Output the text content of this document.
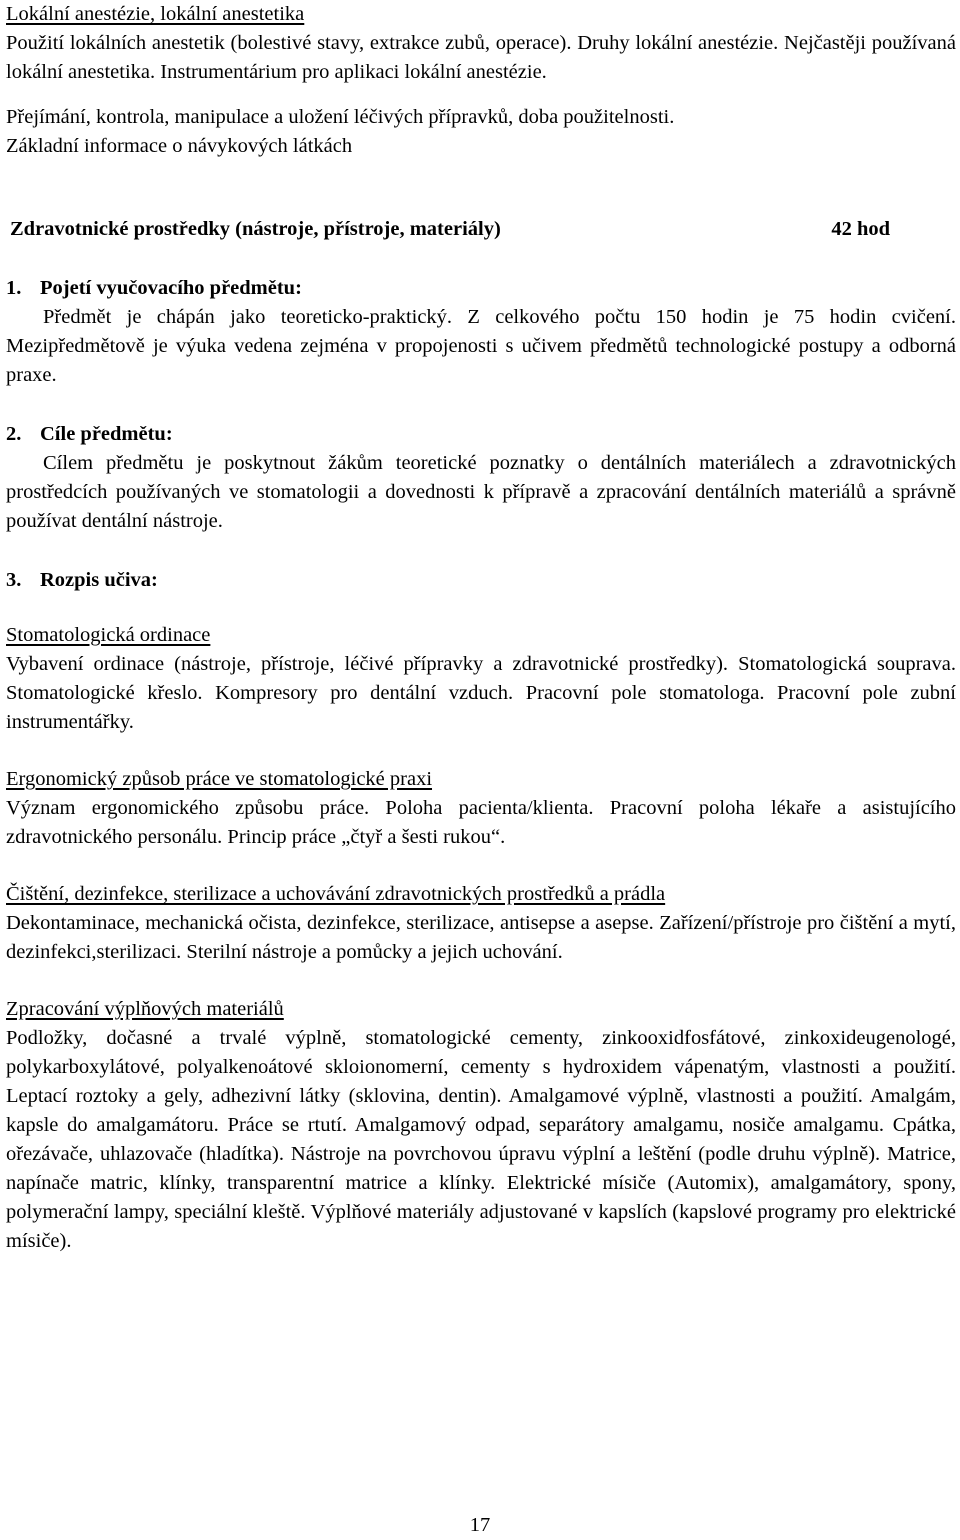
Lokální anestézie, lokální anestetika

Použití lokálních anestetik (bolestivé stavy, extrakce zubů, operace). Druhy lokální anestézie. Nejčastěji používaná lokální anestetika. Instrumentárium pro aplikaci lokální anestézie.

Přejímání, kontrola, manipulace a uložení léčivých přípravků, doba použitelnosti.

Základní informace o návykových látkách

Zdravotnické prostředky (nástroje, přístroje, materiály)	42 hod
1. Pojetí vyučovacího předmětu:

Předmět je chápán jako teoreticko-praktický. Z celkového počtu 150 hodin je 75 hodin cvičení. Mezipředmětově je výuka vedena zejména v propojenosti s učivem předmětů technologické postupy a odborná praxe.

2. Cíle předmětu:

Cílem předmětu je poskytnout žákům teoretické poznatky o dentálních materiálech a zdravotnických prostředcích používaných ve stomatologii a dovednosti k přípravě a zpracování dentálních materiálů a správně používat dentální nástroje.

3. Rozpis učiva:

Stomatologická ordinace

Vybavení ordinace (nástroje, přístroje, léčivé přípravky a zdravotnické prostředky). Stomatologická souprava. Stomatologické křeslo. Kompresory pro dentální vzduch. Pracovní pole stomatologa. Pracovní pole zubní instrumentářky.

Ergonomický způsob práce ve stomatologické praxi

Význam ergonomického způsobu práce. Poloha pacienta/klienta. Pracovní poloha lékaře a asistujícího zdravotnického personálu. Princip práce „čtyř a šesti rukou“.

Čištění, dezinfekce, sterilizace a uchovávání zdravotnických prostředků a prádla

Dekontaminace, mechanická očista, dezinfekce, sterilizace, antisepse a asepse. Zařízení/přístroje pro čištění a mytí, dezinfekci,sterilizaci. Sterilní nástroje a pomůcky a jejich uchování.

Zpracování výplňových materiálů

Podložky, dočasné a trvalé výplně, stomatologické cementy, zinkooxidfosfátové, zinkoxideugenologé, polykarboxylátové, polyalkenoátové skloionomerní, cementy s hydroxidem vápenatým, vlastnosti a použití. Leptací roztoky a gely, adhezivní látky (sklovina, dentin). Amalgamové výplně, vlastnosti a použití. Amalgám, kapsle do amalgamátoru. Práce se rtutí. Amalgamový odpad, separátory amalgamu, nosiče amalgamu. Cpátka, ořezávače, uhlazovače (hladítka). Nástroje na povrchovou úpravu výplní a leštění (podle druhu výplně). Matrice, napínače matric, klínky, transparentní matrice a klínky. Elektrické mísiče (Automix), amalgamátory, spony, polymerační lampy, speciální kleště. Výplňové materiály adjustované v kapslích (kapslové programy pro elektrické mísiče).

17
